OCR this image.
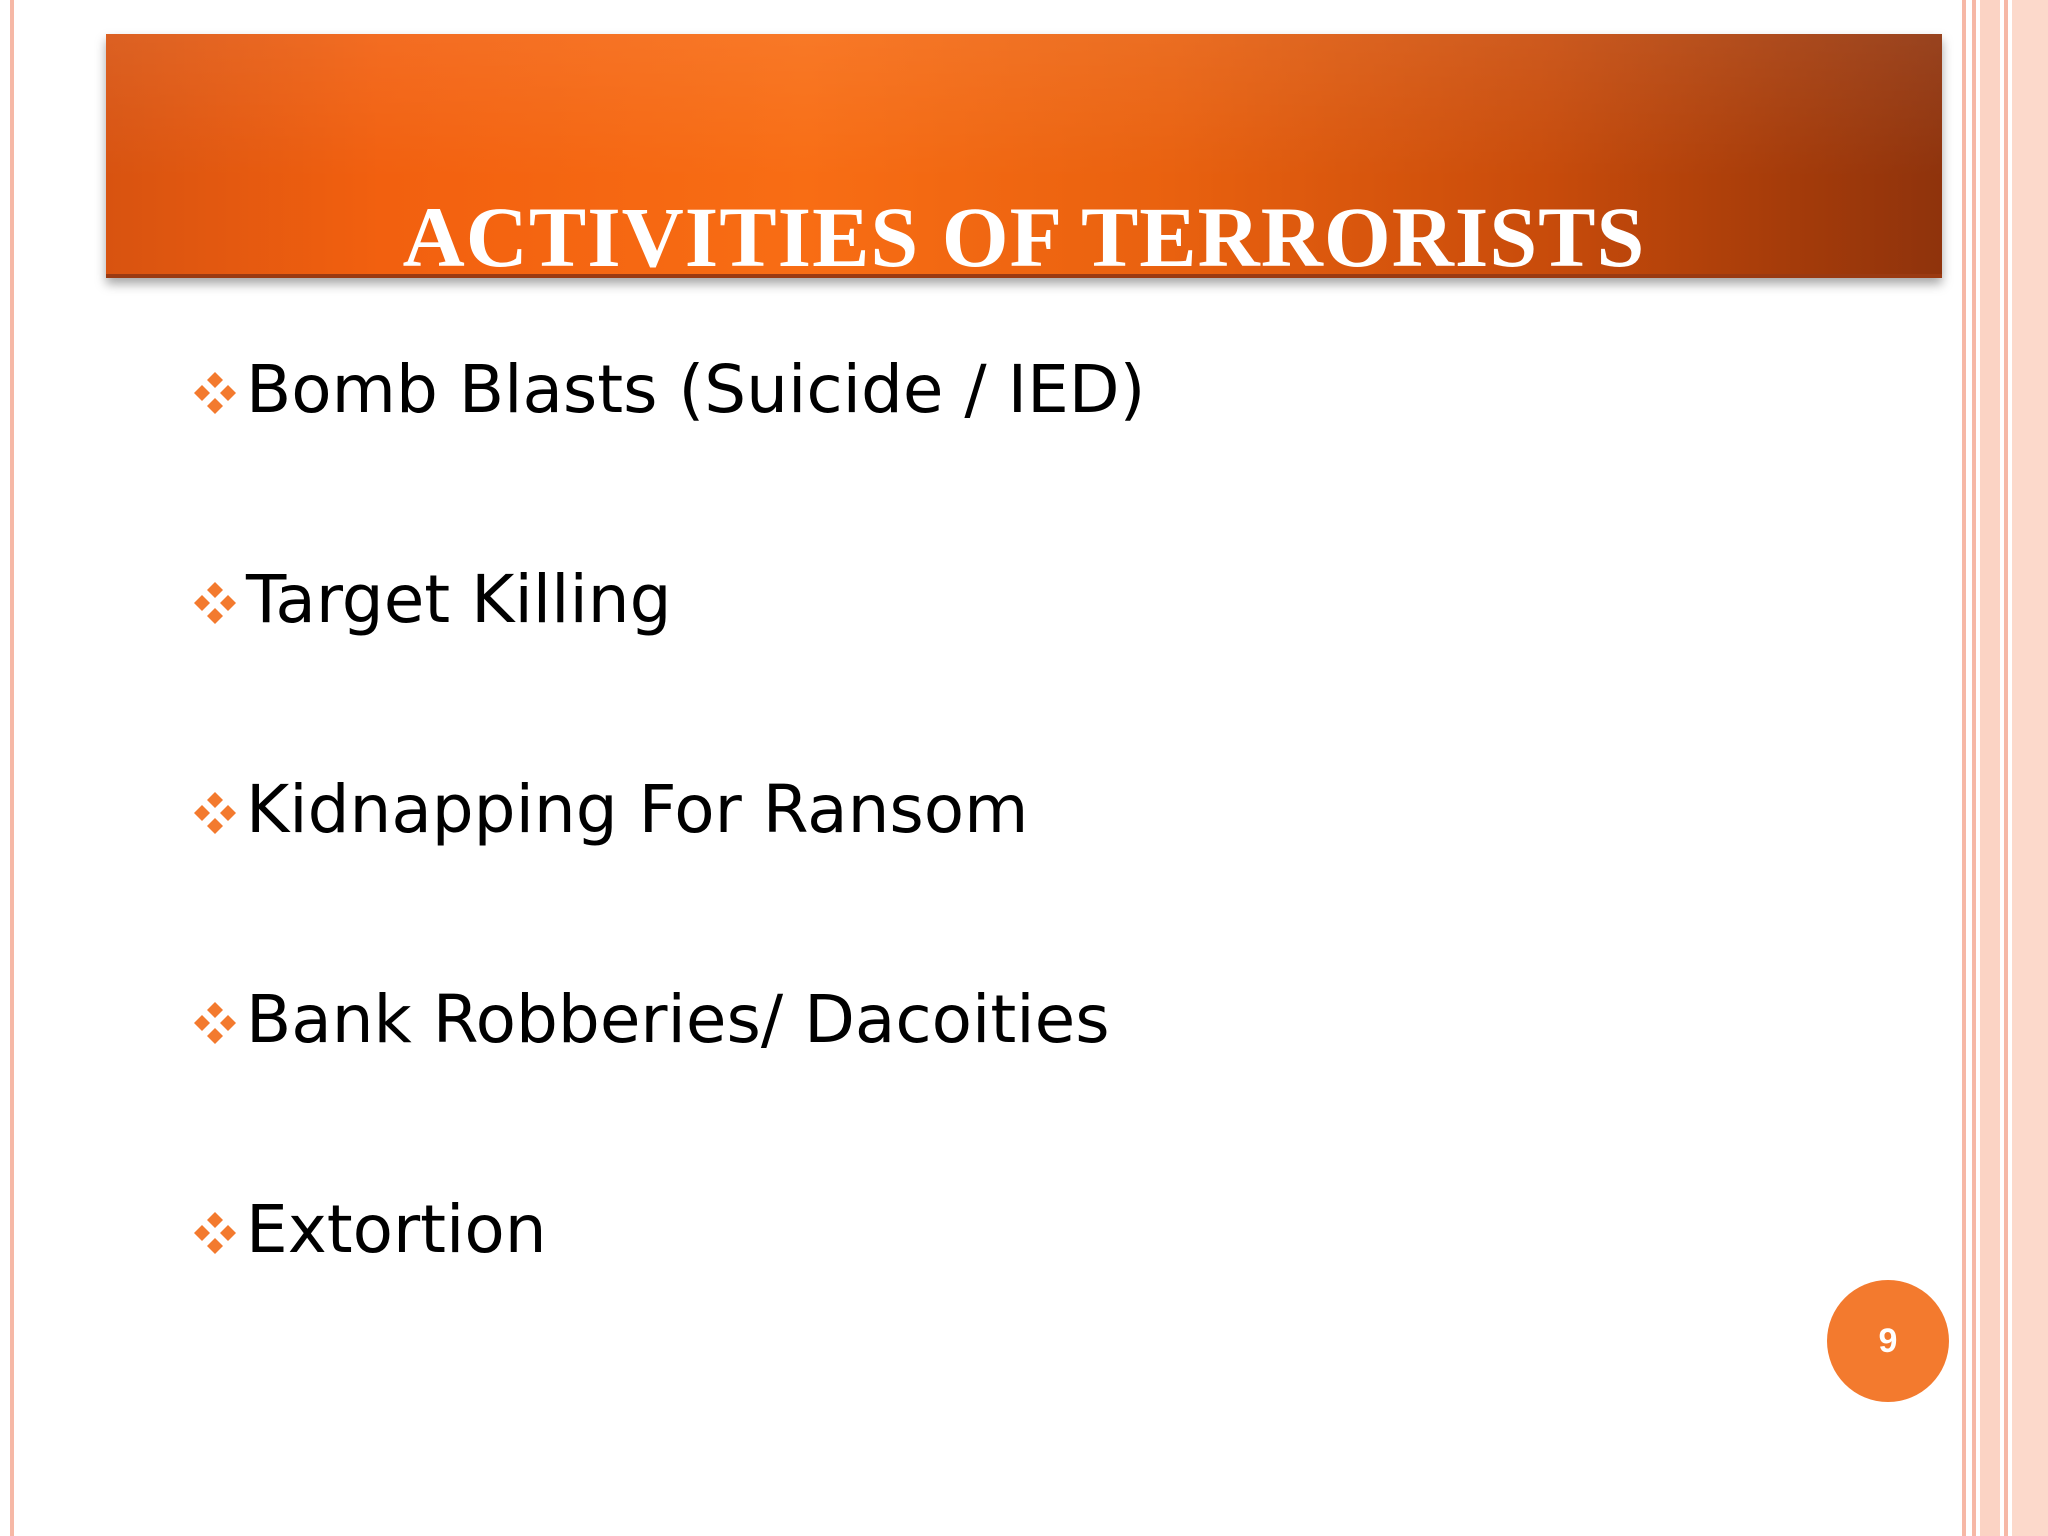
ACTIVITIES OF TERRORISTS
Bomb Blasts (Suicide / IED)
Target Killing
Kidnapping For Ransom
Bank Robberies/ Dacoities
Extortion
9
